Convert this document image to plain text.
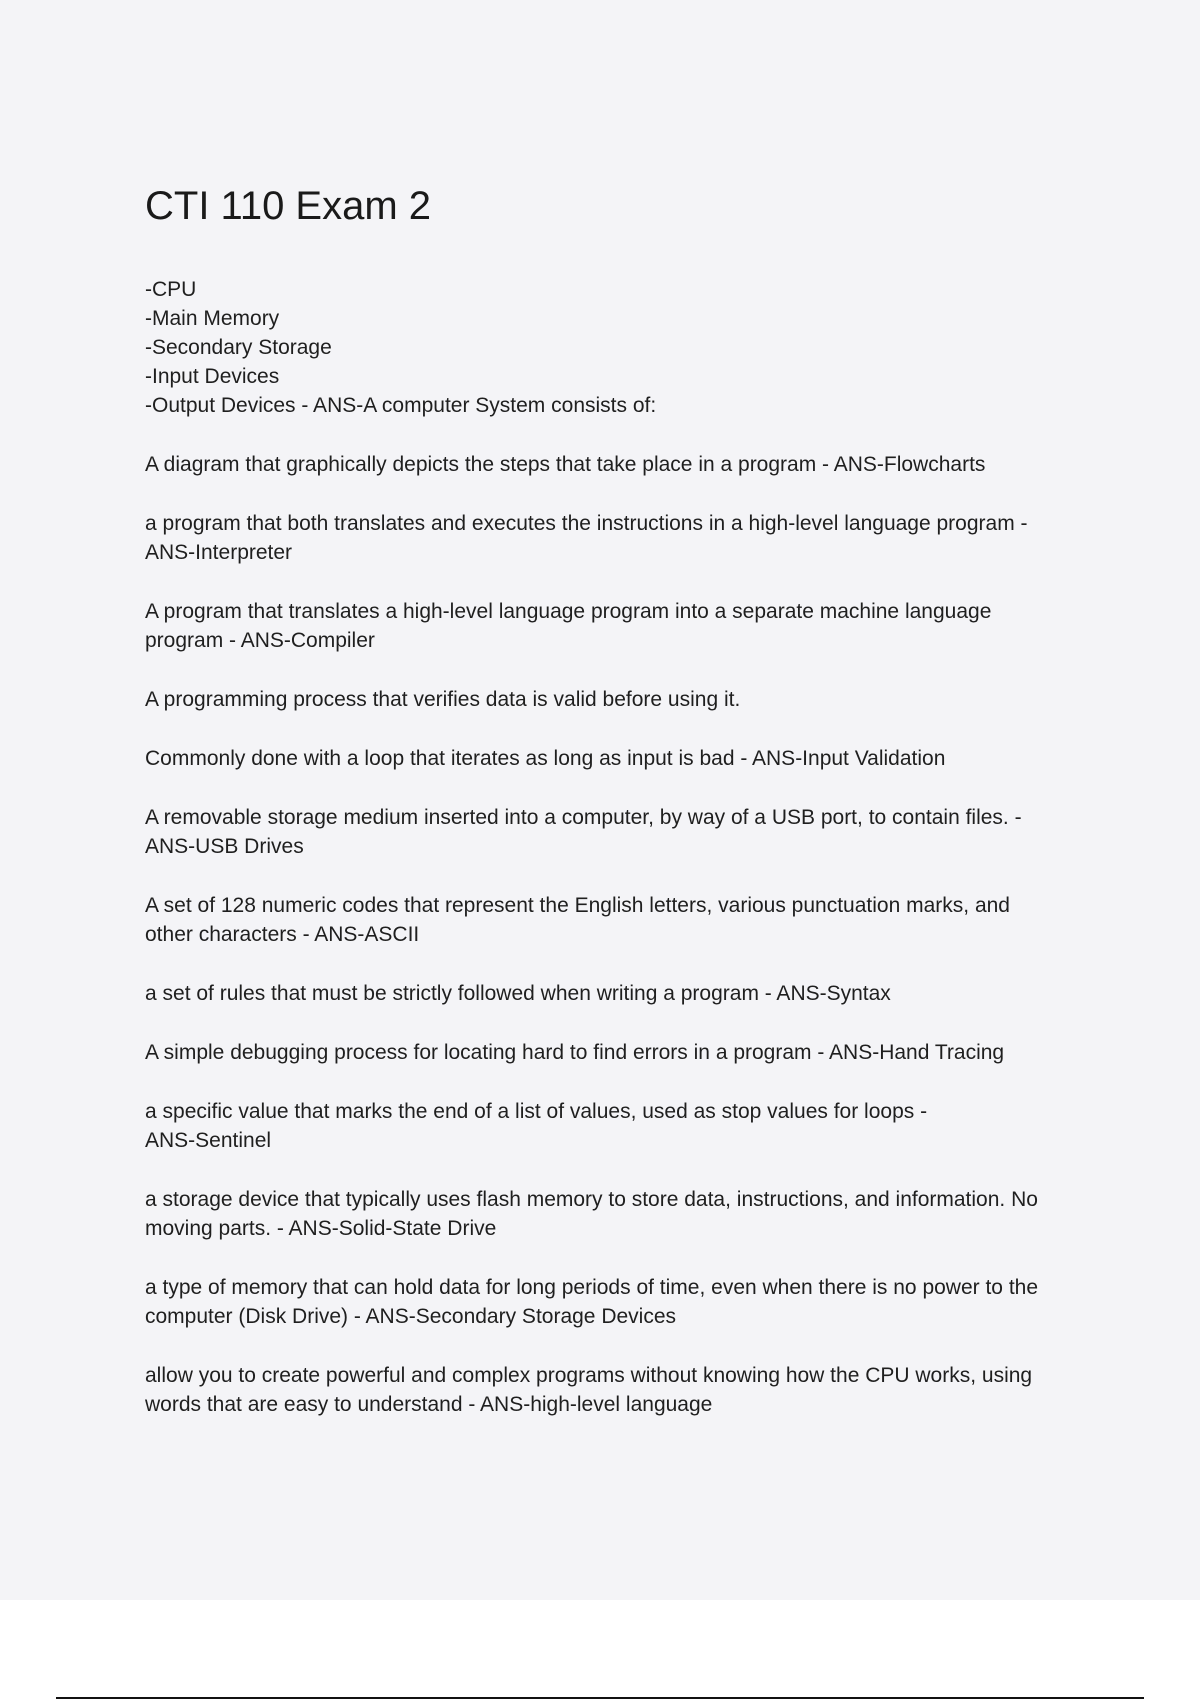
CTI 110 Exam 2

-CPU

-Main Memory

-Secondary Storage

-Input Devices

-Output Devices - ANS-A computer System consists of:

A diagram that graphically depicts the steps that take place in a program - ANS-Flowcharts

a program that both translates and executes the instructions in a high-level language program -
ANS-Interpreter

A program that translates a high-level language program into a separate machine language
program - ANS-Compiler

A programming process that verifies data is valid before using it.

Commonly done with a loop that iterates as long as input is bad - ANS-Input Validation

A removable storage medium inserted into a computer, by way of a USB port, to contain files. -
ANS-USB Drives

A set of 128 numeric codes that represent the English letters, various punctuation marks, and
other characters - ANS-ASCII

a set of rules that must be strictly followed when writing a program - ANS-Syntax

A simple debugging process for locating hard to find errors in a program - ANS-Hand Tracing

a specific value that marks the end of a list of values, used as stop values for loops -
ANS-Sentinel

a storage device that typically uses flash memory to store data, instructions, and information. No
moving parts. - ANS-Solid-State Drive

a type of memory that can hold data for long periods of time, even when there is no power to the
computer (Disk Drive) - ANS-Secondary Storage Devices

allow you to create powerful and complex programs without knowing how the CPU works, using
words that are easy to understand - ANS-high-level language
